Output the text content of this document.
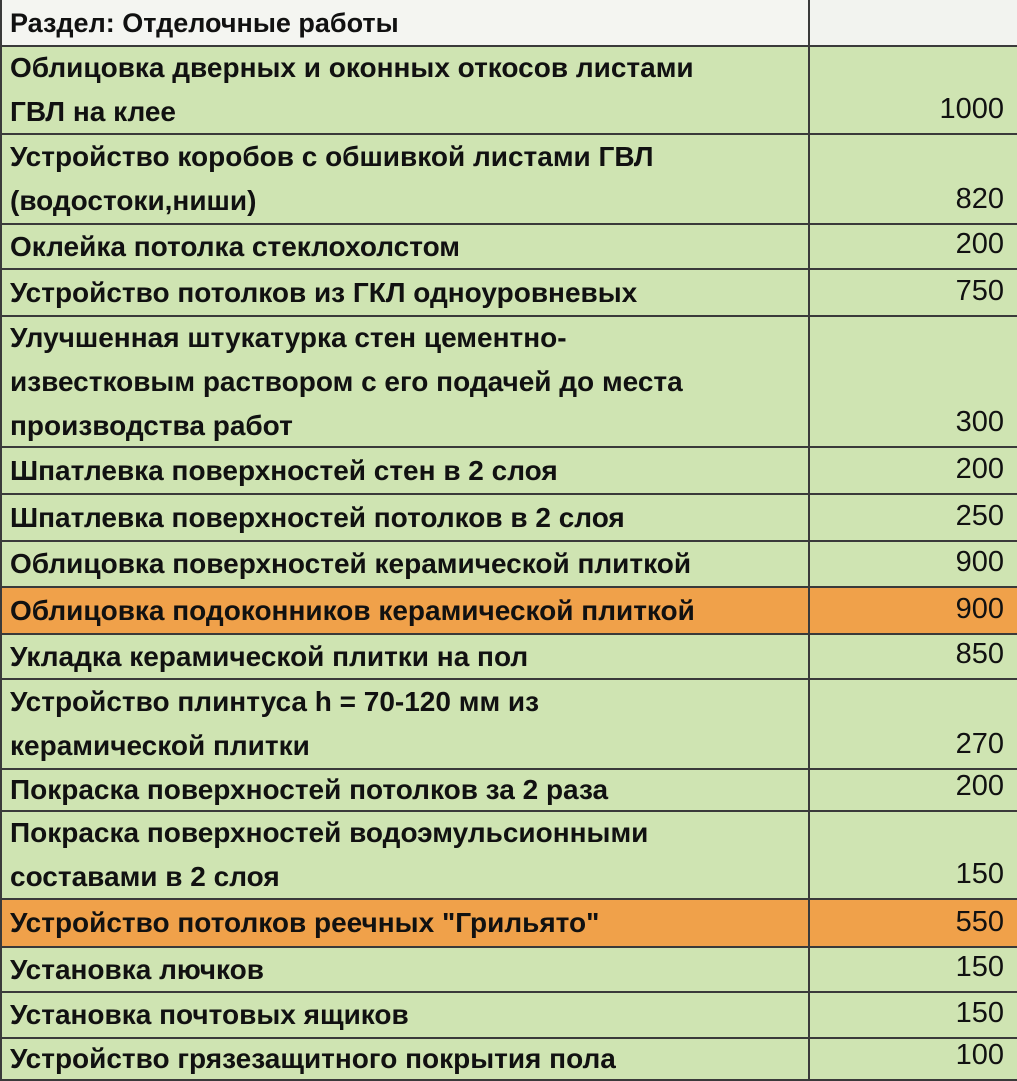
Раздел: Отделочные работы
Облицовка дверных и оконных откосов листами
ГВЛ на клее	1000
Устройство коробов с обшивкой листами ГВЛ
(водостоки,ниши)	820
Оклейка потолка стеклохолстом	200
Устройство потолков из ГКЛ одноуровневых	750
Улучшенная штукатурка стен цементно-
известковым раствором с его подачей до места
производства работ	300
Шпатлевка поверхностей стен в 2 слоя	200
Шпатлевка поверхностей потолков в 2 слоя	250
Облицовка поверхностей керамической плиткой	900
Облицовка подоконников керамической плиткой	900
Укладка керамической плитки на пол	850
Устройство плинтуса h = 70-120 мм из
керамической плитки	270
Покраска поверхностей потолков за 2 раза	200
Покраска поверхностей водоэмульсионными
составами в 2 слоя	150
Устройство потолков реечных "Грильято"	550
Установка лючков	150
Установка почтовых ящиков	150
Устройство грязезащитного покрытия пола	100
